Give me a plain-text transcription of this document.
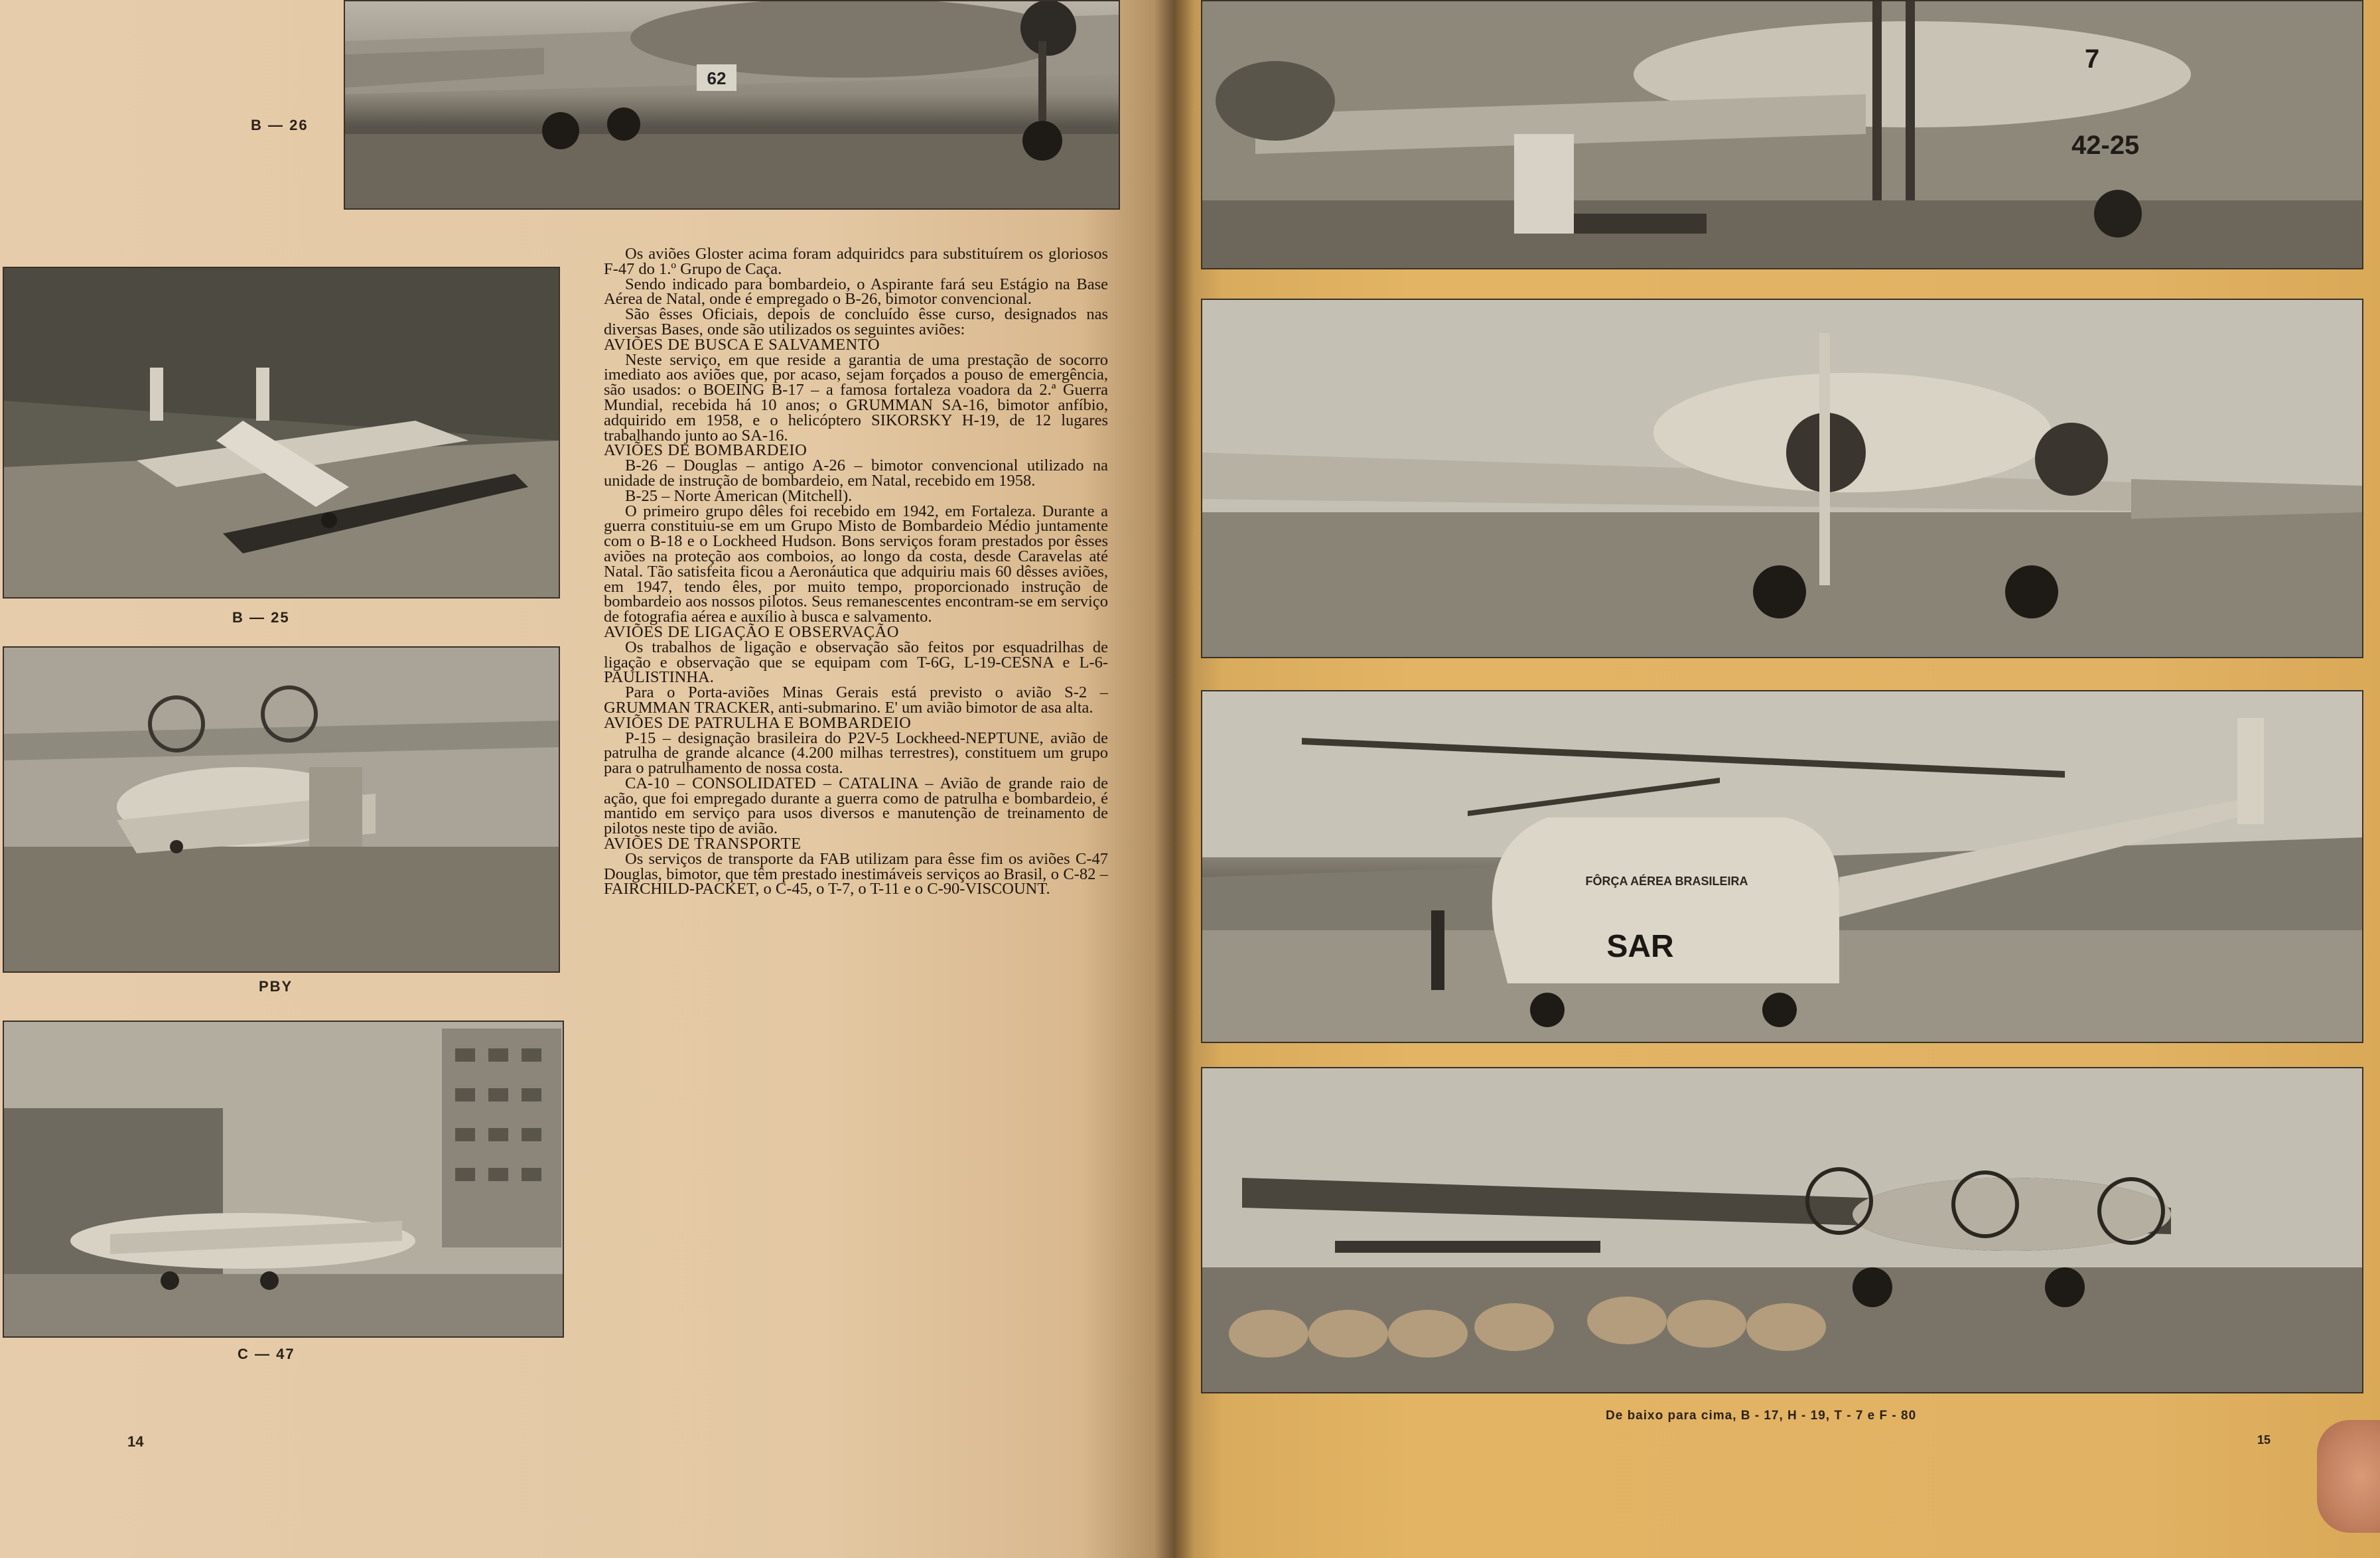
62
B — 26
B — 25
PBY
C — 47

Os aviões Gloster acima foram adquiridcs para substituírem os gloriosos F-47 do 1.º Grupo de Caça.

Sendo indicado para bombardeio, o Aspirante fará seu Estágio na Base Aérea de Natal, onde é empregado o B-26, bimotor convencional.

São êsses Oficiais, depois de concluído êsse curso, designados nas diversas Bases, onde são utilizados os seguintes aviões:

AVIÕES DE BUSCA E SALVAMENTO

Neste serviço, em que reside a garantia de uma prestação de socorro imediato aos aviões que, por acaso, sejam forçados a pouso de emergência, são usados: o BOEING B-17 – a famosa fortaleza voadora da 2.ª Guerra Mundial, recebida há 10 anos; o GRUMMAN SA-16, bimotor anfíbio, adquirido em 1958, e o helicóptero SIKORSKY H-19, de 12 lugares trabalhando junto ao SA-16.

AVIÕES DE BOMBARDEIO

B-26 – Douglas – antigo A-26 – bimotor convencional utilizado na unidade de instrução de bombardeio, em Natal, recebido em 1958.

B-25 – Norte American (Mitchell).

O primeiro grupo dêles foi recebido em 1942, em Fortaleza. Durante a guerra constituiu-se em um Grupo Misto de Bombardeio Médio juntamente com o B-18 e o Lockheed Hudson. Bons serviços foram prestados por êsses aviões na proteção aos comboios, ao longo da costa, desde Caravelas até Natal. Tão satisfeita ficou a Aeronáutica que adquiriu mais 60 dêsses aviões, em 1947, tendo êles, por muito tempo, proporcionado instrução de bombardeio aos nossos pilotos. Seus remanescentes encontram-se em serviço de fotografia aérea e auxílio à busca e salvamento.

AVIÕES DE LIGAÇÃO E OBSERVAÇÃO

Os trabalhos de ligação e observação são feitos por esquadrilhas de ligação e observação que se equipam com T-6G, L-19-CESNA e L-6-PAULISTINHA.

Para o Porta-aviões Minas Gerais está previsto o avião S-2 – GRUMMAN TRACKER, anti-submarino. E' um avião bimotor de asa alta.

AVIÕES DE PATRULHA E BOMBARDEIO

P-15 – designação brasileira do P2V-5 Lockheed-NEPTUNE, avião de patrulha de grande alcance (4.200 milhas terrestres), constituem um grupo para o patrulhamento de nossa costa.

CA-10 – CONSOLIDATED – CATALINA – Avião de grande raio de ação, que foi empregado durante a guerra como de patrulha e bombardeio, é mantido em serviço para usos diversos e manutenção de treinamento de pilotos neste tipo de avião.

AVIÕES DE TRANSPORTE

Os serviços de transporte da FAB utilizam para êsse fim os aviões C-47 Douglas, bimotor, que têm prestado inestimáveis serviços ao Brasil, o C-82 – FAIRCHILD-PACKET, o C-45, o T-7, o T-11 e o C-90-VISCOUNT.

14
42-25
7
FÔRÇA AÉREA BRASILEIRA
SAR
De baixo para cima, B - 17, H - 19, T - 7 e F - 80
15
